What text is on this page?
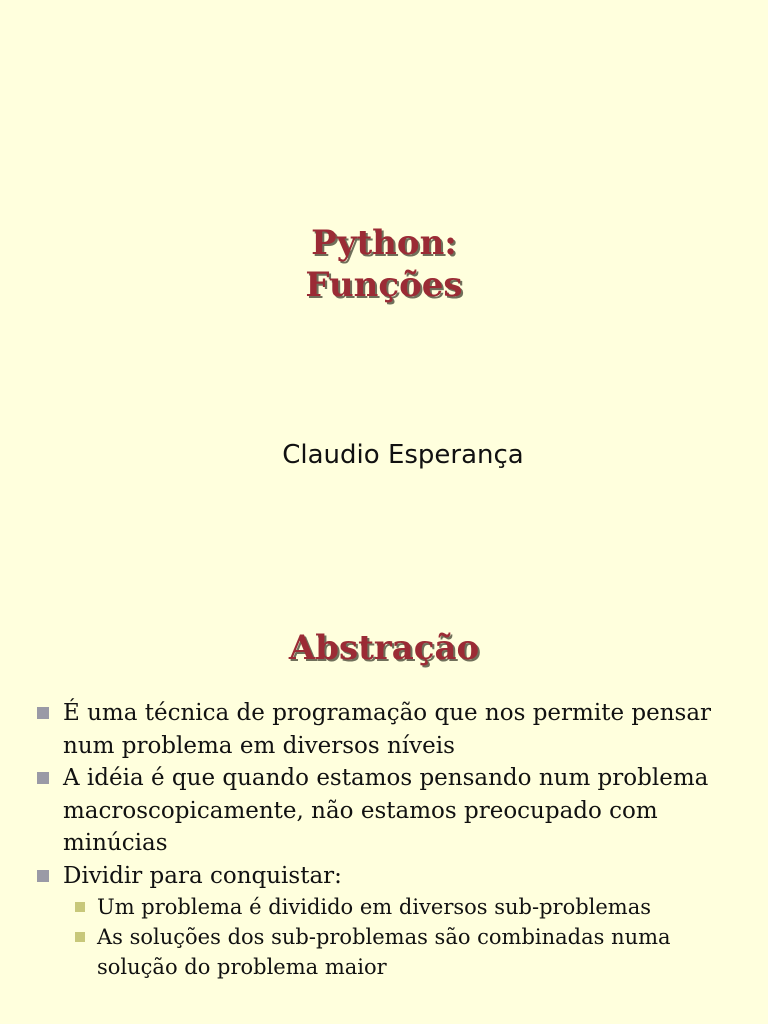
Python:

Funções

Claudio Esperança

Abstração

É uma técnica de programação que nos permite pensar num problema em diversos níveis
A idéia é que quando estamos pensando num problema macroscopicamente, não estamos preocupado com minúcias
Dividir para conquistar:
Um problema é dividido em diversos sub-problemas
As soluções dos sub-problemas são combinadas numa solução do problema maior
